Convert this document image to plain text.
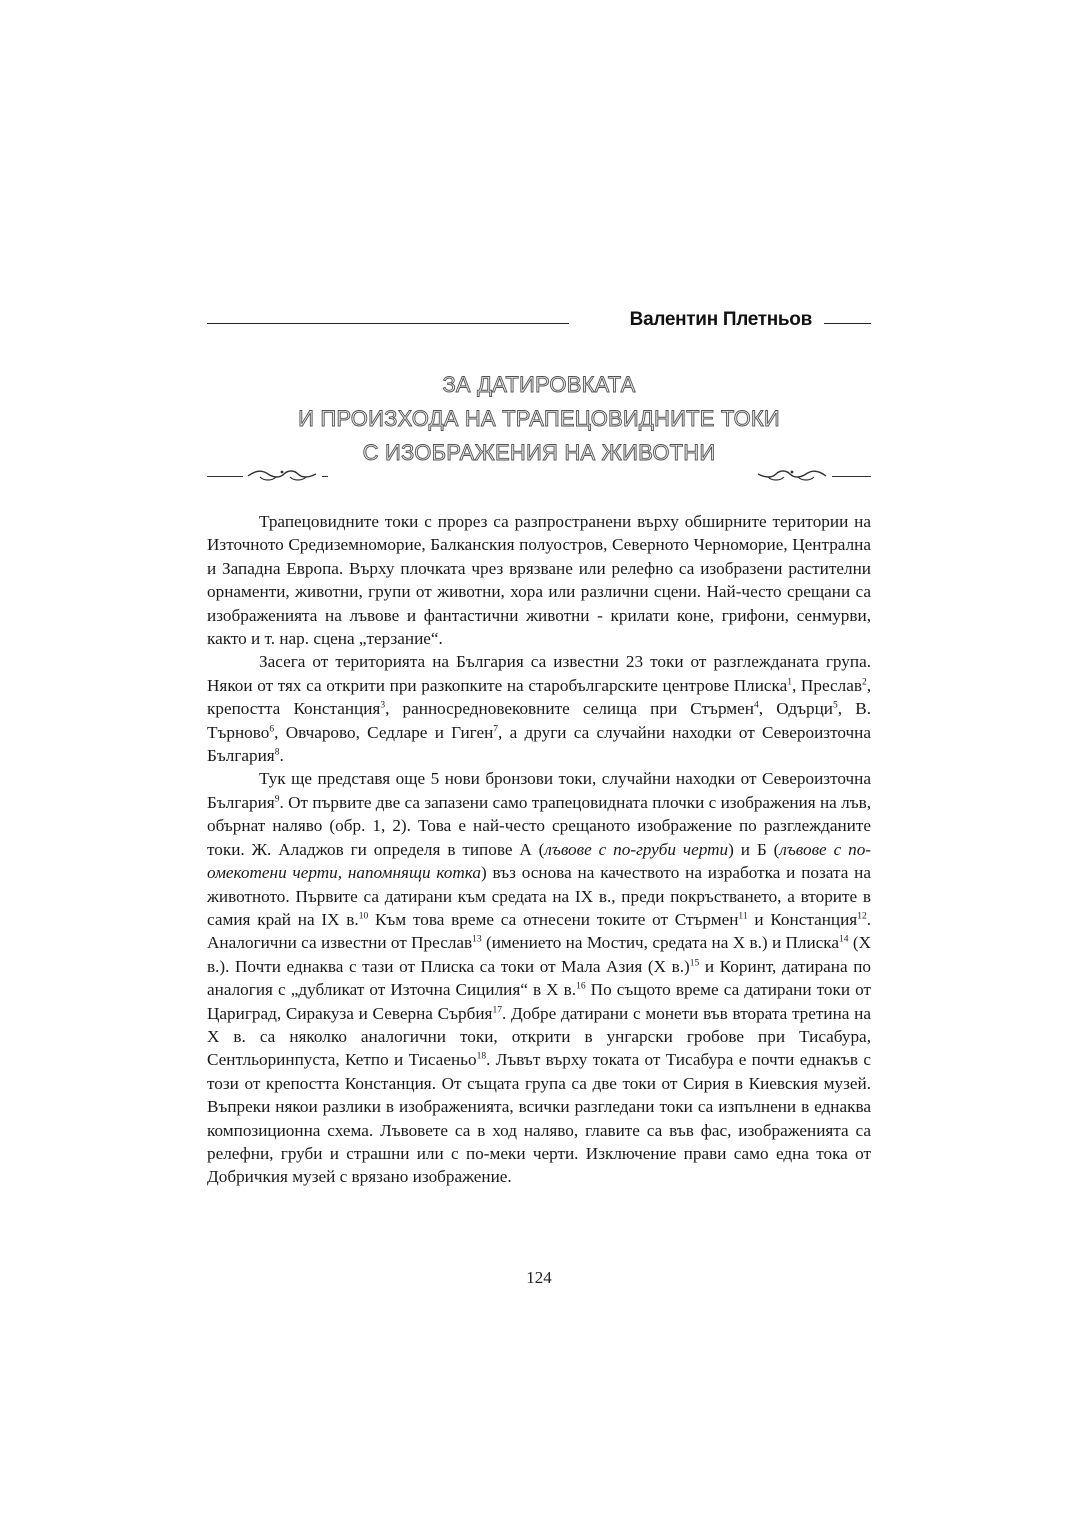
Валентин Плетньов
ЗА ДАТИРОВКАТА
И ПРОИЗХОДА НА ТРАПЕЦОВИДНИТЕ ТОКИ
С ИЗОБРАЖЕНИЯ НА ЖИВОТНИ

Трапецовидните токи с прорез са разпространени върху обширните територии на Източното Средиземноморие, Балканския полуостров, Северното Черноморие, Централна и Западна Европа. Върху плочката чрез врязване или релефно са изобразени растителни орнаменти, животни, групи от животни, хора или различни сцени. Най-често срещани са изображенията на лъвове и фантастични животни - крилати коне, грифони, сенмурви, както и т. нар. сцена „терзание“.

Засега от територията на България са известни 23 токи от разглежданата група. Някои от тях са открити при разкопките на старобългарските центрове Плиска$^1$, Преслав$^2$, крепостта Констанция$^3$, ранносредновековните селища при Стърмен$^4$, Одърци$^5$, В. Търново$^6$, Овчарово, Седларе и Гиген$^7$, а други са случайни находки от Североизточна България$^8$.

Тук ще представя още 5 нови бронзови токи, случайни находки от Североизточна България$^9$. От първите две са запазени само трапецовидната плочки с изображения на лъв, обърнат наляво (обр. 1, 2). Това е най-често срещаното изображение по разглежданите токи. Ж. Аладжов ги определя в типове А (лъвове с по-груби черти) и Б (лъвове с по-омекотени черти, напомнящи котка) въз основа на качеството на изработка и позата на животното. Първите са датирани към средата на IX в., преди покръстването, а вторите в самия край на IX в.$^{10}$ Към това време са отнесени токите от Стърмен$^{11}$ и Констанция$^{12}$. Аналогични са известни от Преслав$^{13}$ (имението на Мостич, средата на X в.) и Плиска$^{14}$ (X в.). Почти еднаква с тази от Плиска са токи от Мала Азия (X в.)$^{15}$ и Коринт, датирана по аналогия с „дубликат от Източна Сицилия“ в X в.$^{16}$ По същото време са датирани токи от Цариград, Сиракуза и Северна Сърбия$^{17}$. Добре датирани с монети във втората третина на X в. са няколко аналогични токи, открити в унгарски гробове при Тисабура, Сентльоринпуста, Кетпо и Тисаеньо$^{18}$. Лъвът върху токата от Тисабура е почти еднакъв с този от крепостта Констанция. От същата група са две токи от Сирия в Киевския музей. Въпреки някои разлики в изображенията, всички разгледани токи са изпълнени в еднаква композиционна схема. Лъвовете са в ход наляво, главите са във фас, изображенията са релефни, груби и страшни или с по-меки черти. Изключение прави само една тока от Добричкия музей с врязано изображение.

124
